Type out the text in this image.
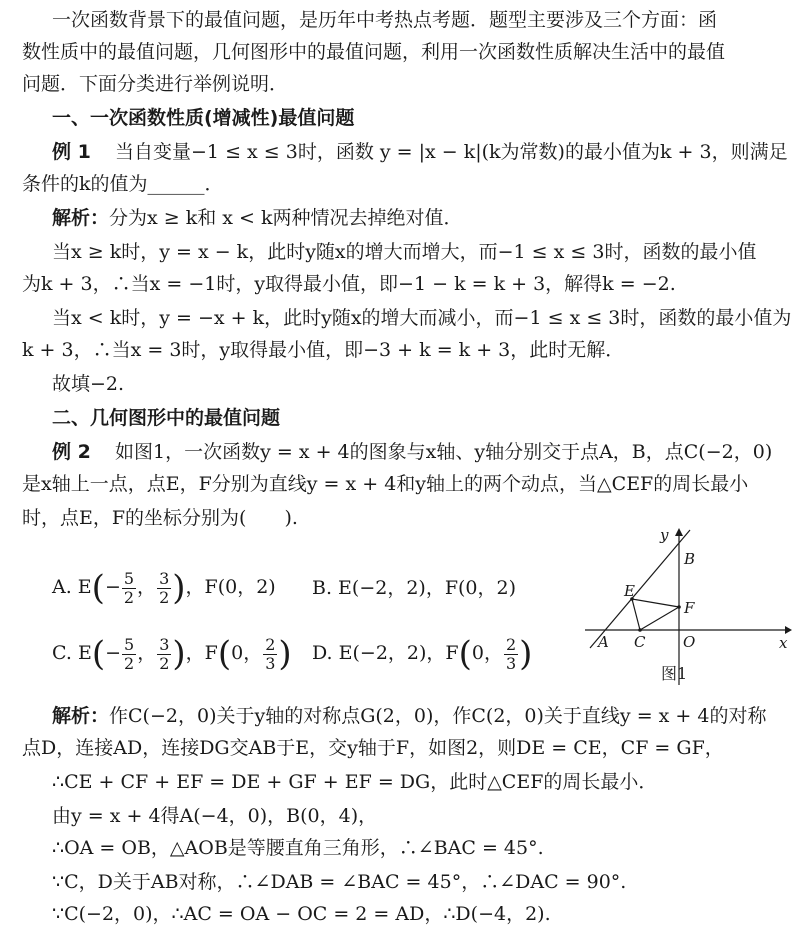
一次函数背景下的最值问题，是历年中考热点考题．题型主要涉及三个方面：函
数性质中的最值问题，几何图形中的最值问题，利用一次函数性质解决生活中的最值
问题．下面分类进行举例说明．
一、一次函数性质(增减性)最值问题
例 1 当自变量−1 ≤ x ≤ 3时，函数 y = |x − k|(k为常数)的最小值为k + 3，则满足
条件的k的值为______．
解析：分为x ≥ k和 x < k两种情况去掉绝对值．
当x ≥ k时，y = x − k，此时y随x的增大而增大，而−1 ≤ x ≤ 3时，函数的最小值
为k + 3，∴当x = −1时，y取得最小值，即−1 − k = k + 3，解得k = −2.
当x < k时，y = −x + k，此时y随x的增大而减小，而−1 ≤ x ≤ 3时，函数的最小值为
k + 3，∴当x = 3时，y取得最小值，即−3 + k = k + 3，此时无解．
故填−2.
二、几何图形中的最值问题
例 2 如图1，一次函数y = x + 4的图象与x轴、y轴分别交于点A，B，点C(−2，0)
是x轴上一点，点E，F分别为直线y = x + 4和y轴上的两个动点，当△CEF的周长最小
时，点E，F的坐标分别为(　　).
A. $E(- \frac{5}{2}$ ， $\frac{3}{2}$ )，F(0，2) B. E(−2，2)，F(0，2)
C. $E(- \frac{5}{2}$ ， $\frac{3}{2}$ )，F(0， $\frac{2}{3}$ ) D. E(−2，2)，F(0， $\frac{2}{3}$ )
y
x
B
E
F
A C	O
图1
解析：作C(−2，0)关于y轴的对称点G(2，0)，作C(2，0)关于直线y = x + 4的对称
点D，连接AD，连接DG交AB于E，交y轴于F，如图2，则DE = CE，CF = GF，
∴CE + CF + EF = DE + GF + EF = DG，此时△CEF的周长最小．
由y = x + 4得A(−4，0)，B(0，4)，
∴OA = OB，△AOB是等腰直角三角形，∴∠BAC = 45°.
∵C，D关于AB对称，∴∠DAB = ∠BAC = 45°，∴∠DAC = 90°.
∵C(−2，0)，∴AC = OA − OC = 2 = AD，∴D(−4，2).
